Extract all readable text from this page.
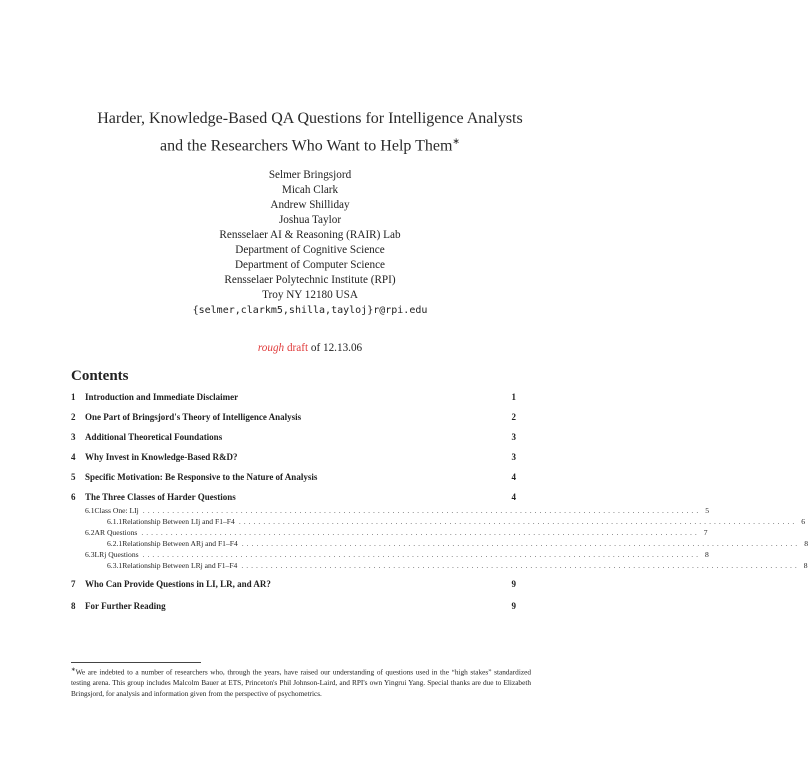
Harder, Knowledge-Based QA Questions for Intelligence Analysts
and the Researchers Who Want to Help Them∗
Selmer Bringsjord
Micah Clark
Andrew Shilliday
Joshua Taylor
Rensselaer AI & Reasoning (RAIR) Lab
Department of Cognitive Science
Department of Computer Science
Rensselaer Polytechnic Institute (RPI)
Troy NY 12180 USA
{selmer,clarkm5,shilla,tayloj}r@rpi.edu
rough draft of 12.13.06
Contents
1	Introduction and Immediate Disclaimer	1
2	One Part of Bringsjord's Theory of Intelligence Analysis	2
3	Additional Theoretical Foundations	3
4	Why Invest in Knowledge-Based R&D?	3
5	Specific Motivation: Be Responsive to the Nature of Analysis	4
6	The Three Classes of Harder Questions	4
6.1 Class One: LIj .................................................................................................................. 5
6.1.1 Relationship Between LIj and F1–F4 .................................................................................................................. 6
6.2 AR Questions .................................................................................................................. 7
6.2.1 Relationship Between ARj and F1–F4 .................................................................................................................. 8
6.3 LRj Questions .................................................................................................................. 8
6.3.1 Relationship Between LRj and F1–F4 .................................................................................................................. 8
7	Who Can Provide Questions in LI, LR, and AR?	9
8	For Further Reading	9
∗We are indebted to a number of researchers who, through the years, have raised our understanding of questions used in the “high stakes” standardized testing arena. This group includes Malcolm Bauer at ETS, Princeton's Phil Johnson-Laird, and RPI's own Yingrui Yang. Special thanks are due to Elizabeth Bringsjord, for analysis and information given from the perspective of psychometrics.
